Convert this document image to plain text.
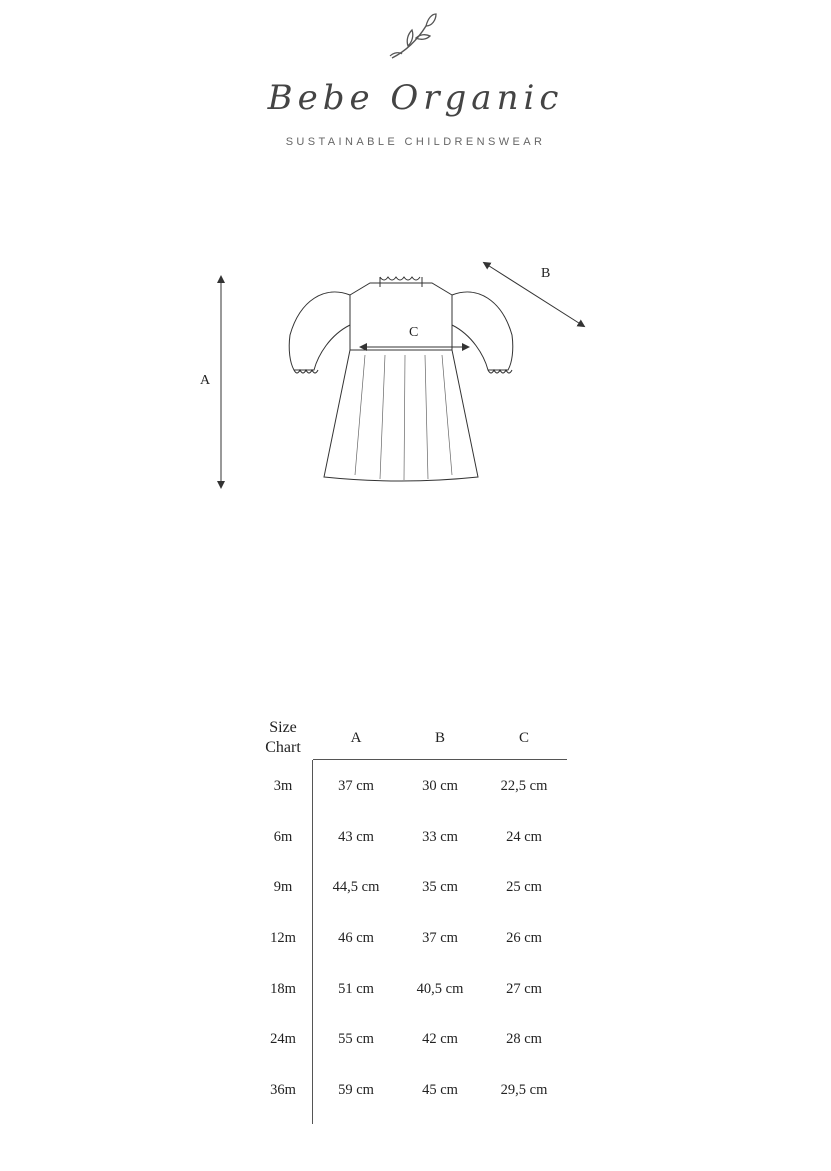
Bebe Organic
SUSTAINABLE CHILDRENSWEAR
A
B
C
Size
Chart
A	B	C
3m	37 cm	30 cm	22,5 cm
6m	43 cm	33 cm	24 cm
9m	44,5 cm	35 cm	25 cm
12m	46 cm	37 cm	26 cm
18m	51 cm	40,5 cm	27 cm
24m	55 cm	42 cm	28 cm
36m	59 cm	45 cm	29,5 cm
